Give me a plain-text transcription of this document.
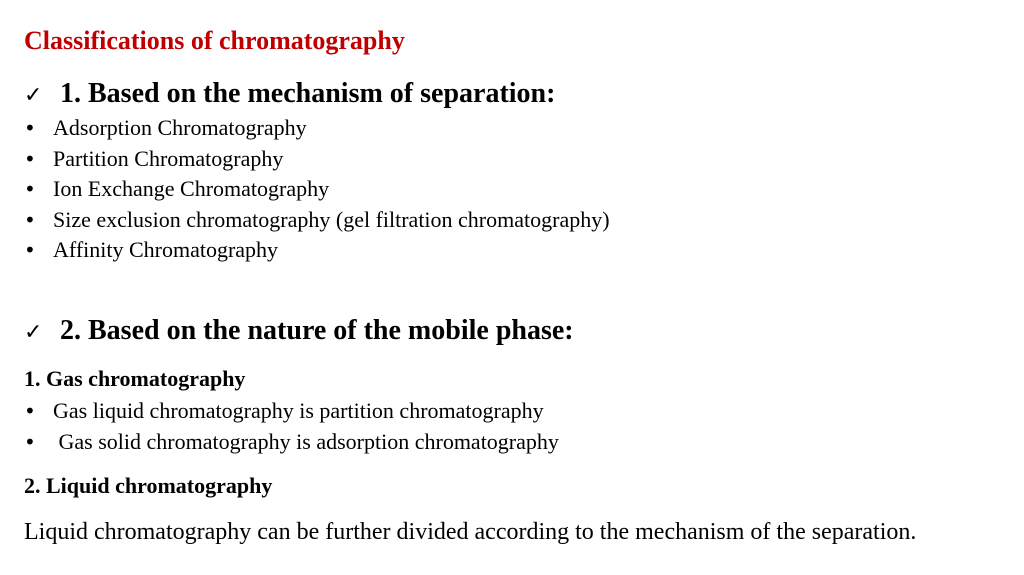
Classifications of chromatography
✓ 1. Based on the mechanism of separation:
• Adsorption Chromatography
• Partition Chromatography
• Ion Exchange Chromatography
• Size exclusion chromatography (gel filtration chromatography)
• Affinity Chromatography
✓ 2. Based on the nature of the mobile phase:
1. Gas chromatography
• Gas liquid chromatography is partition chromatography
• Gas solid chromatography is adsorption chromatography
2. Liquid chromatography
Liquid chromatography can be further divided according to the mechanism of the separation.
